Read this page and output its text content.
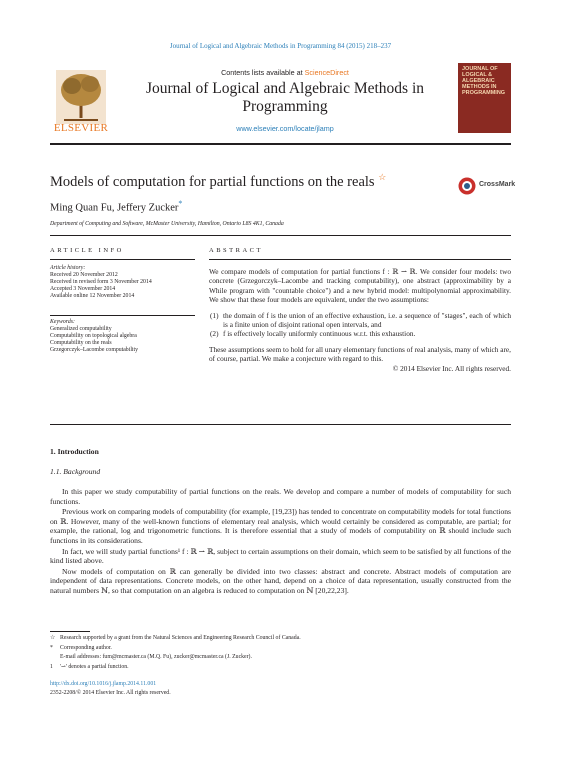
Journal of Logical and Algebraic Methods in Programming 84 (2015) 218–237
ELSEVIER
Contents lists available at ScienceDirect
Journal of Logical and Algebraic Methods in Programming
www.elsevier.com/locate/jlamp
JOURNAL OF LOGICAL & ALGEBRAIC METHODS IN PROGRAMMING
Models of computation for partial functions on the reals ☆
CrossMark
Ming Quan Fu, Jeffery Zucker*
Department of Computing and Software, McMaster University, Hamilton, Ontario L8S 4K1, Canada
ARTICLE INFO
Article history:
Received 20 November 2012
Received in revised form 3 November 2014
Accepted 3 November 2014
Available online 12 November 2014
Keywords:
Generalized computability
Computability on topological algebra
Computability on the reals
Grzegorczyk–Lacombe computability
ABSTRACT

We compare models of computation for partial functions f : ℝ ⇀ ℝ. We consider four models: two concrete (Grzegorczyk–Lacombe and tracking computability), one abstract (approximability by a While program with "countable choice") and a new hybrid model: multipolynomial approximability. We show that these four models are equivalent, under the two assumptions:

(1) the domain of f is the union of an effective exhaustion, i.e. a sequence of "stages", each of which is a finite union of disjoint rational open intervals, and
(2) f is effectively locally uniformly continuous w.r.t. this exhaustion.

These assumptions seem to hold for all unary elementary functions of real analysis, many of which are, of course, partial. We make a conjecture with regard to this.

© 2014 Elsevier Inc. All rights reserved.
1. Introduction
1.1. Background

In this paper we study computability of partial functions on the reals. We develop and compare a number of models of computability for such functions.

Previous work on comparing models of computability (for example, [19,23]) has tended to concentrate on computability models for total functions on ℝ. However, many of the well-known functions of elementary real analysis, which would certainly be considered as computable, are partial; for example, the rational, log and trigonometric functions. It is therefore essential that a study of models of computability on ℝ should include such functions in its considerations.

In fact, we will study partial functions¹ f : ℝ ⇀ ℝ, subject to certain assumptions on their domain, which seem to be satisfied by all functions of the kind listed above.

Now models of computation on ℝ can generally be divided into two classes: abstract and concrete. Abstract models of computation are independent of data representations. Concrete models, on the other hand, depend on a choice of data representation, usually constructed from the natural numbers ℕ, so that computation on an algebra is reduced to computation on ℕ [20,22,23].

☆ Research supported by a grant from the Natural Sciences and Engineering Research Council of Canada.
* Corresponding author.
E-mail addresses: fum@mcmaster.ca (M.Q. Fu), zucker@mcmaster.ca (J. Zucker).
1 '⇀' denotes a partial function.
http://dx.doi.org/10.1016/j.jlamp.2014.11.001
2352-2208/© 2014 Elsevier Inc. All rights reserved.
